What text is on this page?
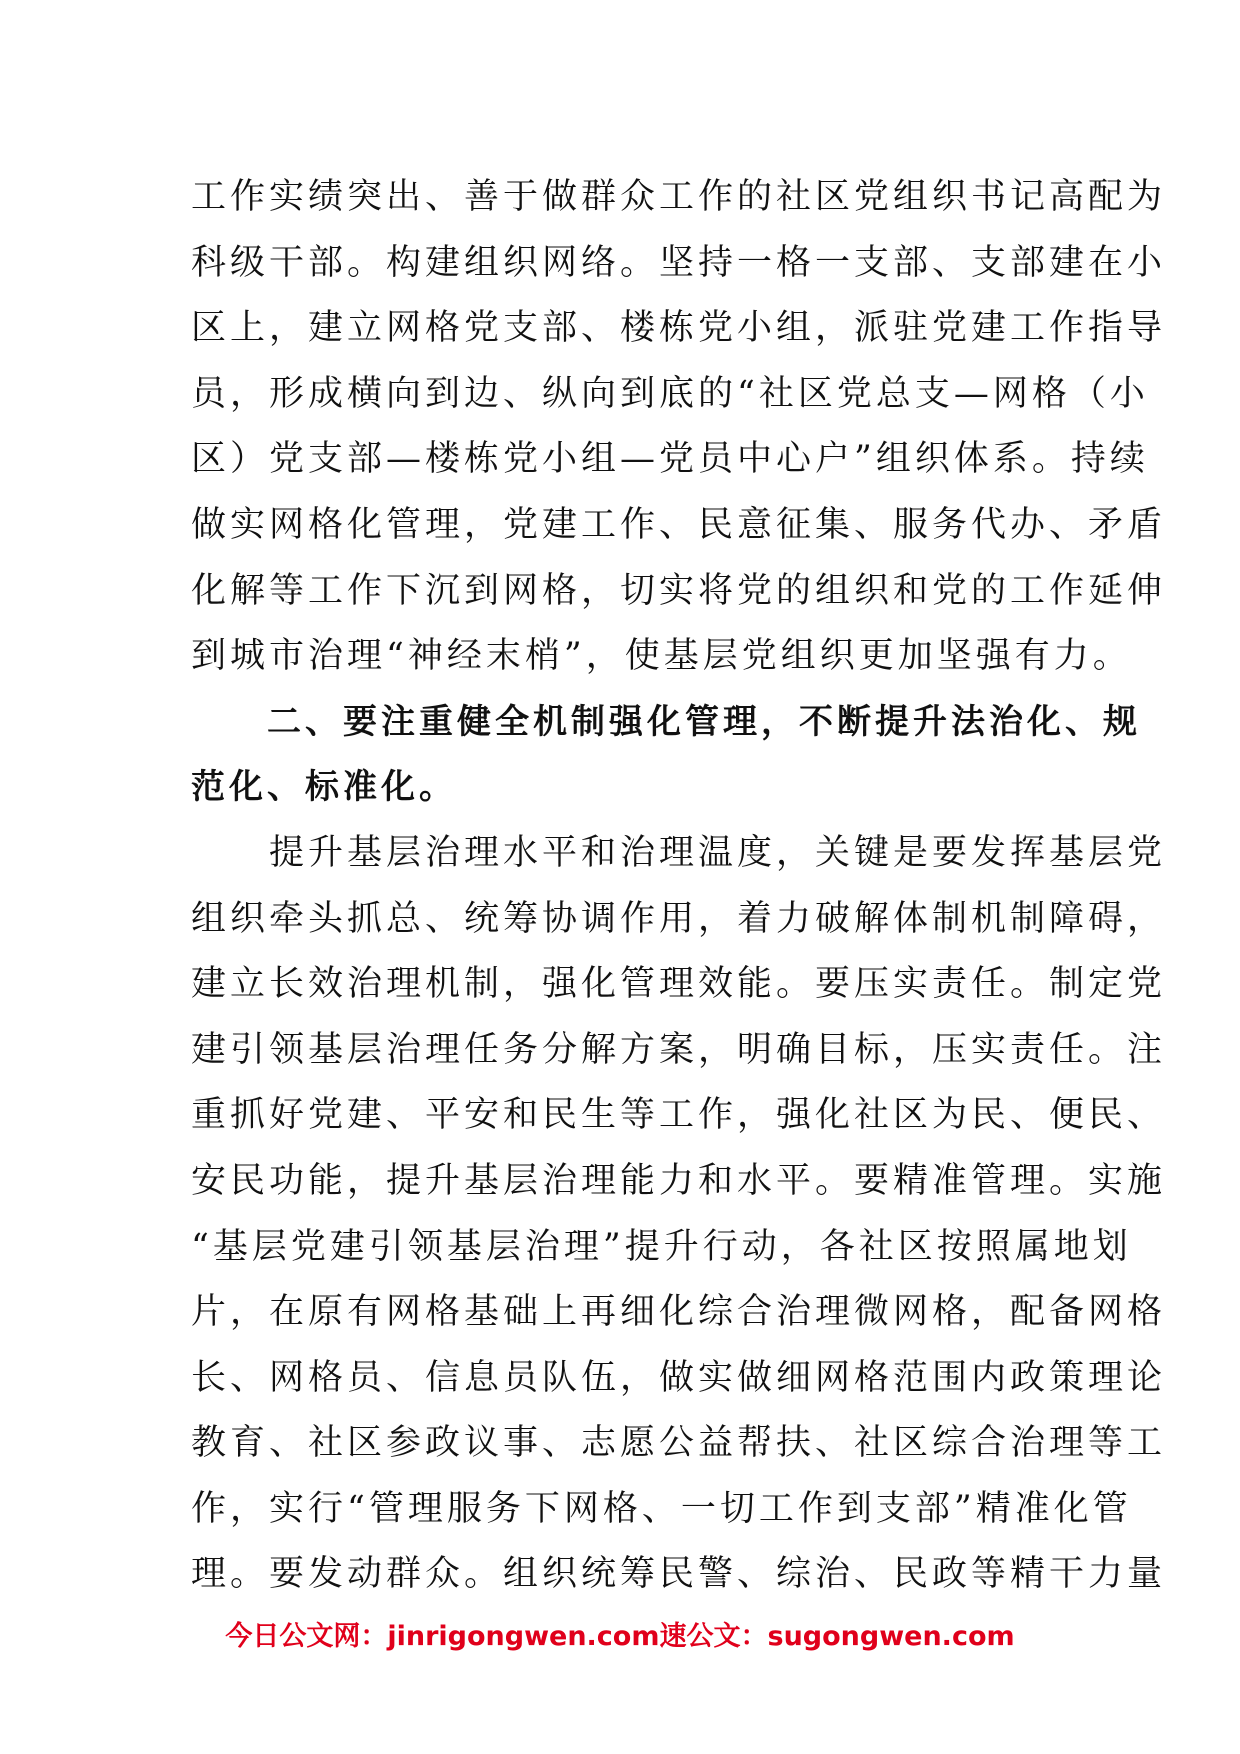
工作实绩突出、善于做群众工作的社区党组织书记高配为
科级干部。构建组织网络。坚持一格一支部、支部建在小
区上，建立网格党支部、楼栋党小组，派驻党建工作指导
员，形成横向到边、纵向到底的“社区党总支—网格（小
区）党支部—楼栋党小组—党员中心户”组织体系。持续
做实网格化管理，党建工作、民意征集、服务代办、矛盾
化解等工作下沉到网格，切实将党的组织和党的工作延伸
到城市治理“神经末梢”，使基层党组织更加坚强有力。
　　二、要注重健全机制强化管理，不断提升法治化、规
范化、标准化。
　　提升基层治理水平和治理温度，关键是要发挥基层党
组织牵头抓总、统筹协调作用，着力破解体制机制障碍，
建立长效治理机制，强化管理效能。要压实责任。制定党
建引领基层治理任务分解方案，明确目标，压实责任。注
重抓好党建、平安和民生等工作，强化社区为民、便民、
安民功能，提升基层治理能力和水平。要精准管理。实施
“基层党建引领基层治理”提升行动，各社区按照属地划
片，在原有网格基础上再细化综合治理微网格，配备网格
长、网格员、信息员队伍，做实做细网格范围内政策理论
教育、社区参政议事、志愿公益帮扶、社区综合治理等工
作，实行“管理服务下网格、一切工作到支部”精准化管
理。要发动群众。组织统筹民警、综治、民政等精干力量
今日公文网：jinrigongwen.com速公文：sugongwen.com
